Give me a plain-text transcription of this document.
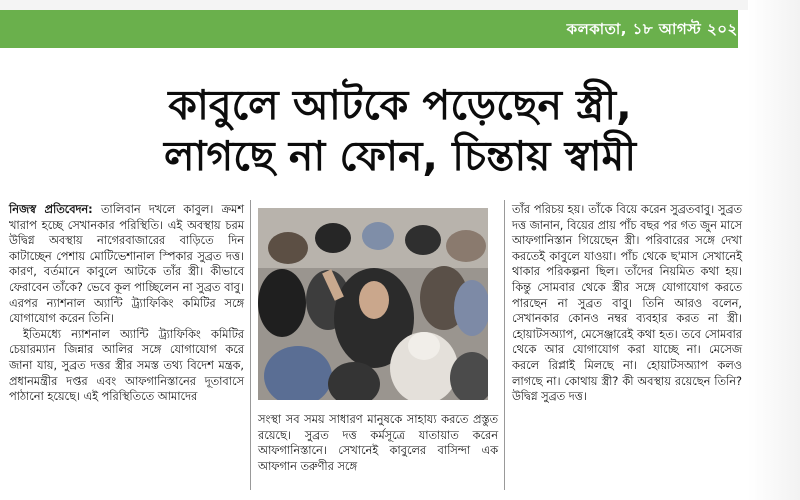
কলকাতা, ১৮ আগস্ট ২০২১
কাবুলে আটকে পড়েছেন স্ত্রী,
লাগছে না ফোন, চিন্তায় স্বামী

নিজস্ব প্রতিবেদন: তালিবান দখলে কাবুল। ক্রমশ খারাপ হচ্ছে সেখানকার পরিস্থিতি। এই অবস্থায় চরম উদ্বিগ্ন অবস্থায় নাগেরবাজারের বাড়িতে দিন কাটাচ্ছেন পেশায় মোটিভেশানাল স্পিকার সুব্রত দত্ত। কারণ, বর্তমানে কাবুলে আটকে তাঁর স্ত্রী। কীভাবে ফেরাবেন তাঁকে? ভেবে কূল পাচ্ছিলেন না সুব্রত বাবু। এরপর ন্যাশনাল অ্যান্টি ট্র্যাফিকিং কমিটির সঙ্গে যোগাযোগ করেন তিনি।

ইতিমধ্যে ন্যাশনাল অ্যান্টি ট্র্যাফিকিং কমিটির চেয়ারম্যান জিন্নার আলির সঙ্গে যোগাযোগ করে জানা যায়, সুব্রত দত্তর স্ত্রীর সমস্ত তথ্য বিদেশ মন্ত্রক, প্রধানমন্ত্রীর দপ্তর এবং আফগানিস্তানের দূতাবাসে পাঠানো হয়েছে। এই পরিস্থিতিতে আমাদের

সংস্থা সব সময় সাধারণ মানুষকে সাহায্য করতে প্রস্তুত রয়েছে। সুব্রত দত্ত কর্মসূত্রে যাতায়াত করেন আফগানিস্তানে। সেখানেই কাবুলের বাসিন্দা এক আফগান তরুণীর সঙ্গে
তাঁর পরিচয় হয়। তাঁকে বিয়ে করেন সুব্রতবাবু। সুব্রত দত্ত জানান, বিয়ের প্রায় পাঁচ বছর পর গত জুন মাসে আফগানিস্তান গিয়েছেন স্ত্রী। পরিবারের সঙ্গে দেখা করতেই কাবুলে যাওয়া। পাঁচ থেকে ছ'মাস সেখানেই থাকার পরিকল্পনা ছিল। তাঁদের নিয়মিত কথা হয়। কিন্তু সোমবার থেকে স্ত্রীর সঙ্গে যোগাযোগ করতে পারছেন না সুব্রত বাবু। তিনি আরও বলেন, সেখানকার কোনও নম্বর ব্যবহার করত না স্ত্রী। হোয়াটসঅ্যাপ, মেসেঞ্জারেই কথা হত। তবে সোমবার থেকে আর যোগাযোগ করা যাচ্ছে না। মেসেজ করলে রিপ্লাই মিলছে না। হোয়াটসঅ্যাপ কলও লাগছে না। কোথায় স্ত্রী? কী অবস্থায় রয়েছেন তিনি? উদ্বিগ্ন সুব্রত দত্ত।
